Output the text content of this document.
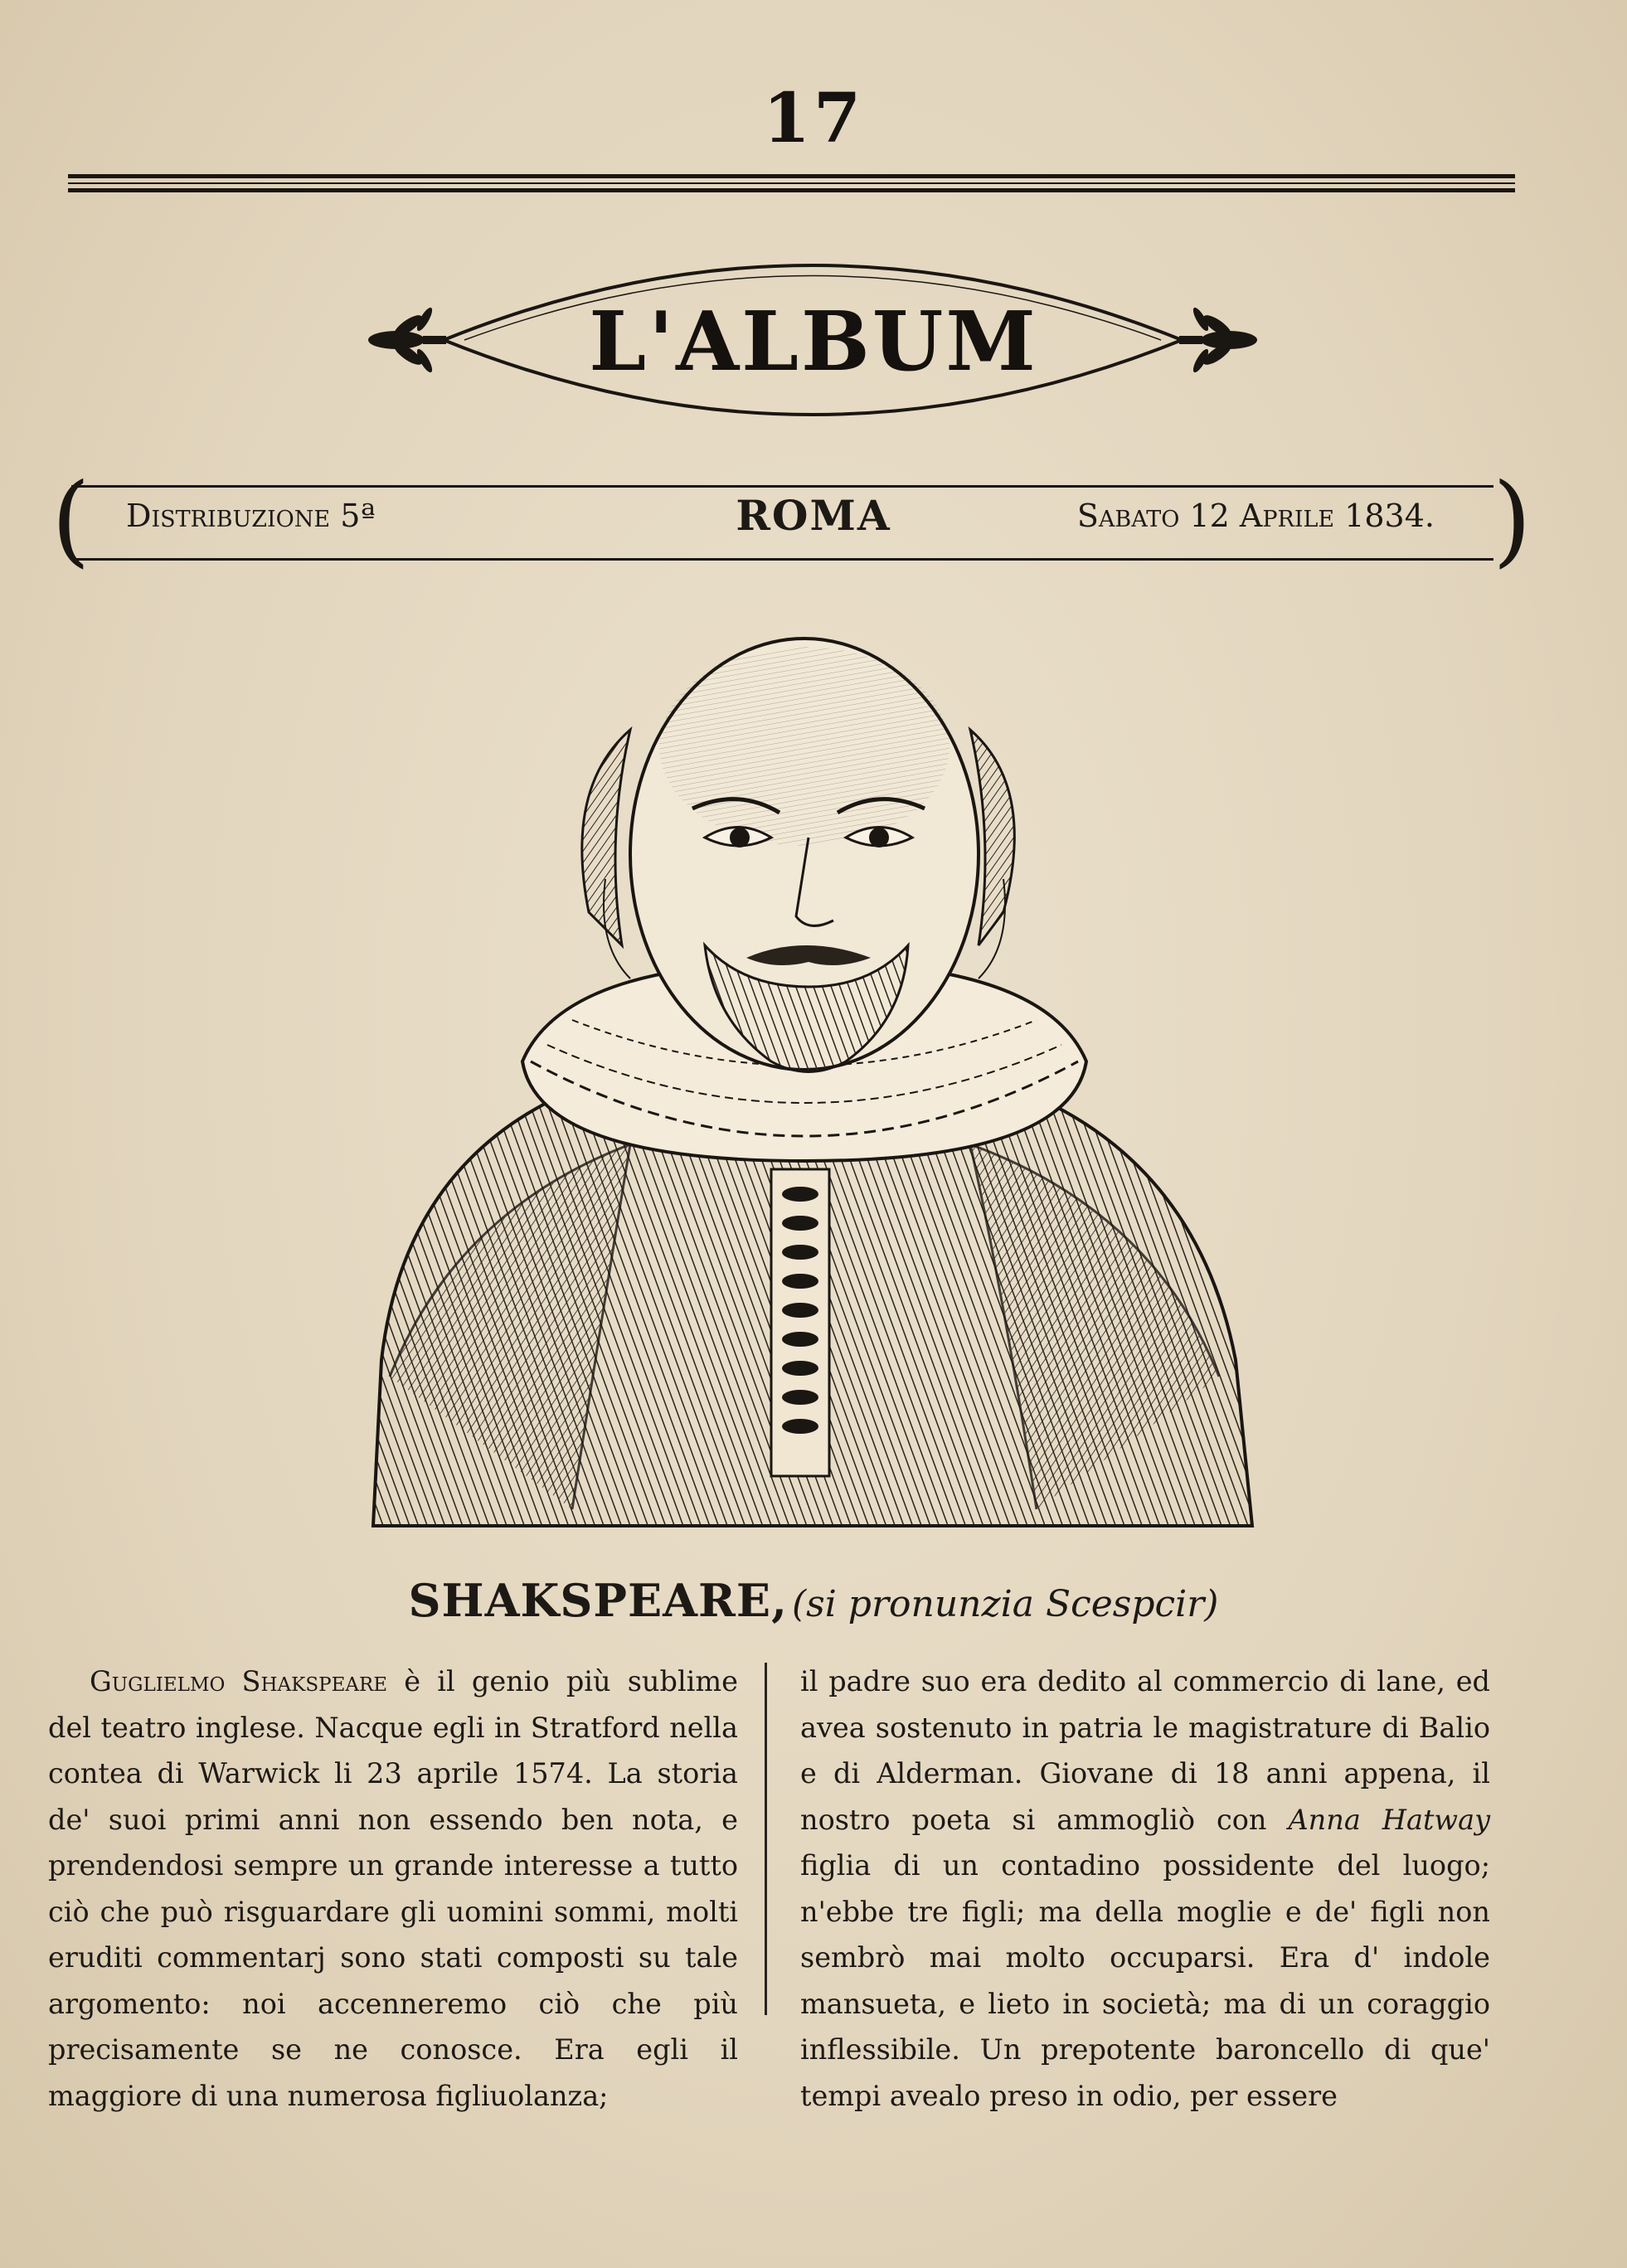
17
L'ALBUM
(	)
Distribuzione 5ª	ROMA	Sabato 12 Aprile 1834.
SHAKSPEARE, (si pronunzia Scespcir)

Guglielmo Shakspeare è il genio più sublime del teatro inglese. Nacque egli in Stratford nella contea di Warwick li 23 aprile 1574. La storia de' suoi primi anni non essendo ben nota, e prendendosi sempre un grande interesse a tutto ciò che può risguardare gli uomini sommi, molti eruditi commentarj sono stati composti su tale argomento: noi accenneremo ciò che più precisamente se ne conosce. Era egli il maggiore di una numerosa figliuolanza;

il padre suo era dedito al commercio di lane, ed avea sostenuto in patria le magistrature di Balio e di Alderman. Giovane di 18 anni appena, il nostro poeta si ammogliò con Anna Hatway figlia di un contadino possidente del luogo; n'ebbe tre figli; ma della moglie e de' figli non sembrò mai molto occuparsi. Era d' indole mansueta, e lieto in società; ma di un coraggio inflessibile. Un prepotente baroncello di que' tempi avealo preso in odio, per essere
